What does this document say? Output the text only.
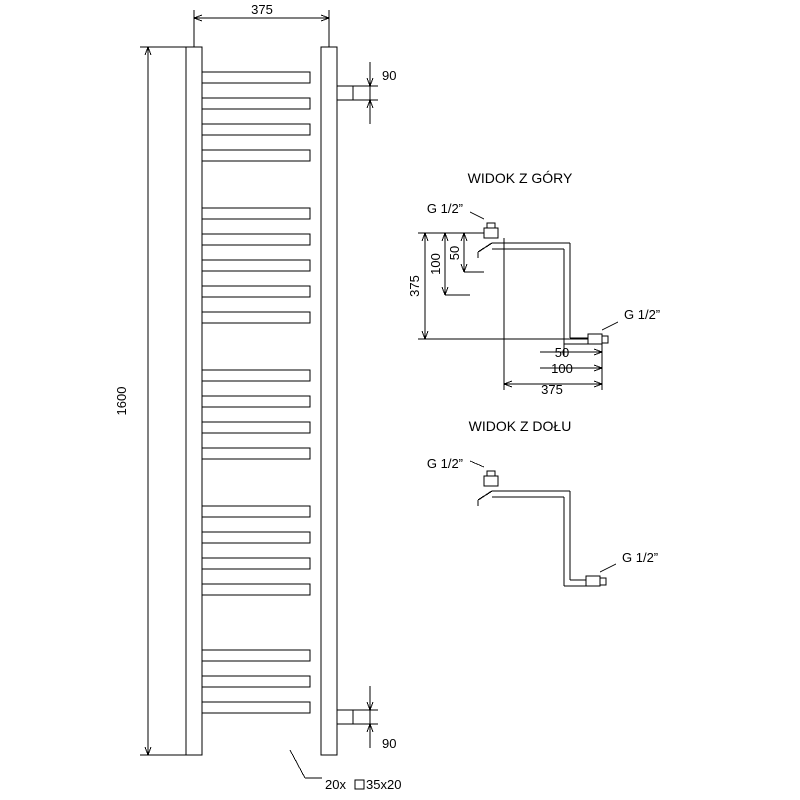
375
1600
90
90
20x 35x20
WIDOK Z GÓRY
G 1/2”
G 1/2”
375
100
50
50
100
375
WIDOK Z DOŁU
G 1/2”
G 1/2”
